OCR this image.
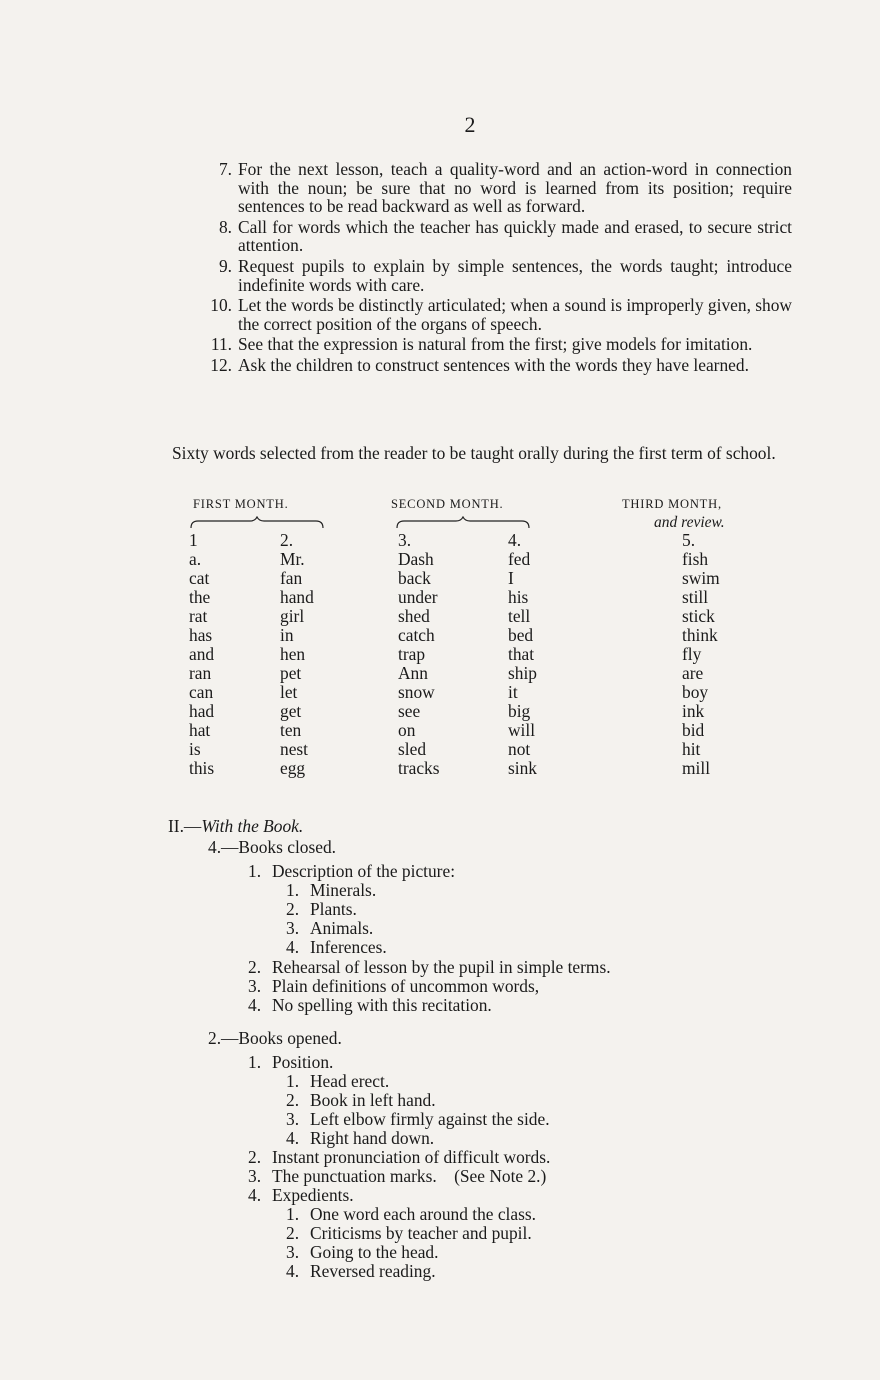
2
7. For the next lesson, teach a quality-word and an action-word in connection with the noun; be sure that no word is learned from its position; require sentences to be read backward as well as forward.
8. Call for words which the teacher has quickly made and erased, to secure strict attention.
9. Request pupils to explain by simple sentences, the words taught; introduce indefinite words with care.
10. Let the words be distinctly articulated; when a sound is improperly given, show the correct position of the organs of speech.
11. See that the expression is natural from the first; give models for imitation.
12. Ask the children to construct sentences with the words they have learned.
Sixty words selected from the reader to be taught orally during the first term of school.
FIRST MONTH.	SECOND MONTH.	THIRD MONTH,
and review.
1
a.
cat
the
rat
has
and
ran
can
had
hat
is
this
2.
Mr.
fan
hand
girl
in
hen
pet
let
get
ten
nest
egg
3.
Dash
back
under
shed
catch
trap
Ann
snow
see
on
sled
tracks
4.
fed
I
his
tell
bed
that
ship
it
big
will
not
sink
5.
fish
swim
still
stick
think
fly
are
boy
ink
bid
hit
mill
II.—With the Book.
4.—Books closed.
1. Description of the picture:
1. Minerals.
2. Plants.
3. Animals.
4. Inferences.
2. Rehearsal of lesson by the pupil in simple terms.
3. Plain definitions of uncommon words,
4. No spelling with this recitation.
2.—Books opened.
1. Position.
1. Head erect.
2. Book in left hand.
3. Left elbow firmly against the side.
4. Right hand down.
2. Instant pronunciation of difficult words.
3. The punctuation marks.    (See Note 2.)
4. Expedients.
1. One word each around the class.
2. Criticisms by teacher and pupil.
3. Going to the head.
4. Reversed reading.
